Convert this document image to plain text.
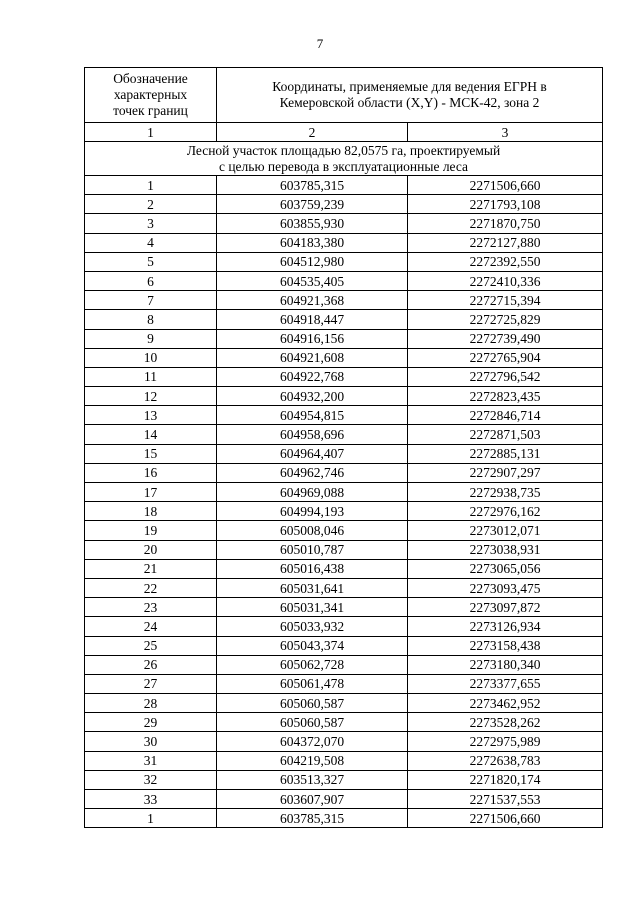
7
Обозначение
характерных
точек границ	Координаты, применяемые для ведения ЕГРН в
Кемеровской области (X,Y) - МСК-42, зона 2	

1	2	3

Лесной участок площадью 82,0575 га, проектируемый
с целью перевода в эксплуатационные леса		

1	603785,315	2271506,660
2	603759,239	2271793,108
3	603855,930	2271870,750
4	604183,380	2272127,880
5	604512,980	2272392,550
6	604535,405	2272410,336
7	604921,368	2272715,394
8	604918,447	2272725,829
9	604916,156	2272739,490
10	604921,608	2272765,904
11	604922,768	2272796,542
12	604932,200	2272823,435
13	604954,815	2272846,714
14	604958,696	2272871,503
15	604964,407	2272885,131
16	604962,746	2272907,297
17	604969,088	2272938,735
18	604994,193	2272976,162
19	605008,046	2273012,071
20	605010,787	2273038,931
21	605016,438	2273065,056
22	605031,641	2273093,475
23	605031,341	2273097,872
24	605033,932	2273126,934
25	605043,374	2273158,438
26	605062,728	2273180,340
27	605061,478	2273377,655
28	605060,587	2273462,952
29	605060,587	2273528,262
30	604372,070	2272975,989
31	604219,508	2272638,783
32	603513,327	2271820,174
33	603607,907	2271537,553
1	603785,315	2271506,660
